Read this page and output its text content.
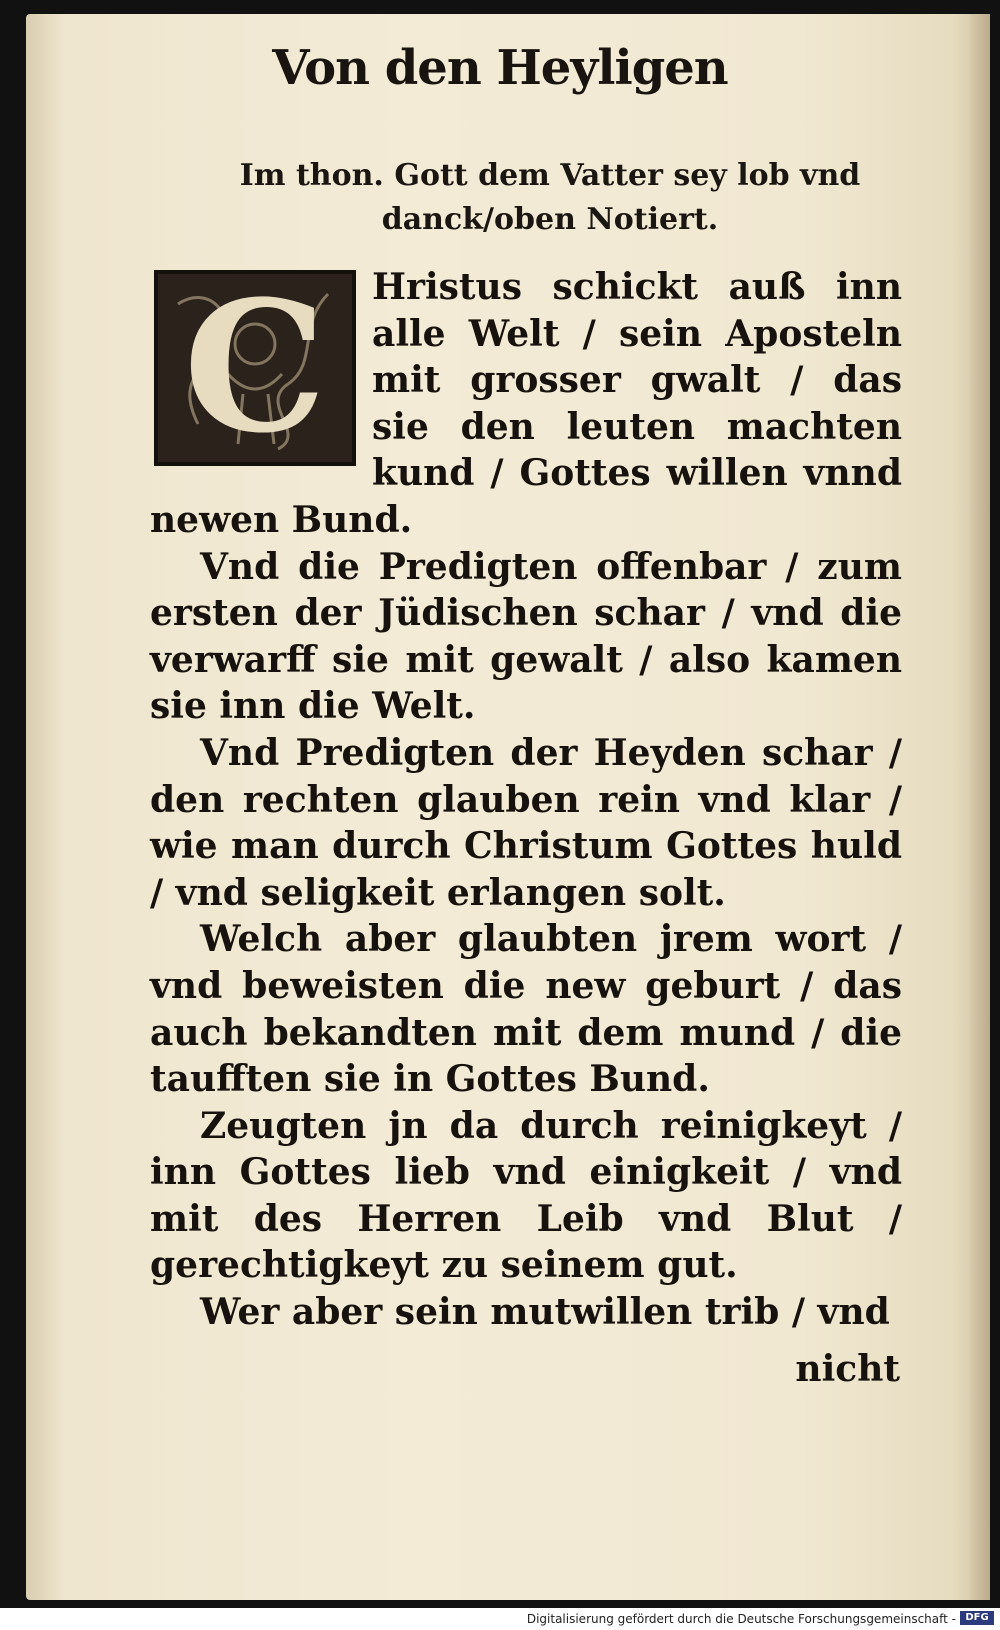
Von den Heyligen
Im thon. Gott dem Vatter sey lob vnd danck/oben Notiert.
C	Hristus schickt auß inn alle Welt / sein Aposteln mit grosser gwalt / das sie den leuten machten kund / Gottes willen vnnd newen Bund.

Vnd die Predigten offenbar / zum ersten der Jüdischen schar / vnd die verwarff sie mit gewalt / also kamen sie inn die Welt.

Vnd Predigten der Heyden schar / den rechten glauben rein vnd klar / wie man durch Christum Gottes huld / vnd seligkeit erlangen solt.

Welch aber glaubten jrem wort / vnd beweisten die new geburt / das auch bekandten mit dem mund / die taufften sie in Gottes Bund.

Zeugten jn da durch reinigkeyt / inn Gottes lieb vnd einigkeit / vnd mit des Herren Leib vnd Blut / gerechtigkeyt zu seinem gut.

Wer aber sein mutwillen trib / vnd

nicht
Digitalisierung gefördert durch die Deutsche Forschungsgemeinschaft - DFG
